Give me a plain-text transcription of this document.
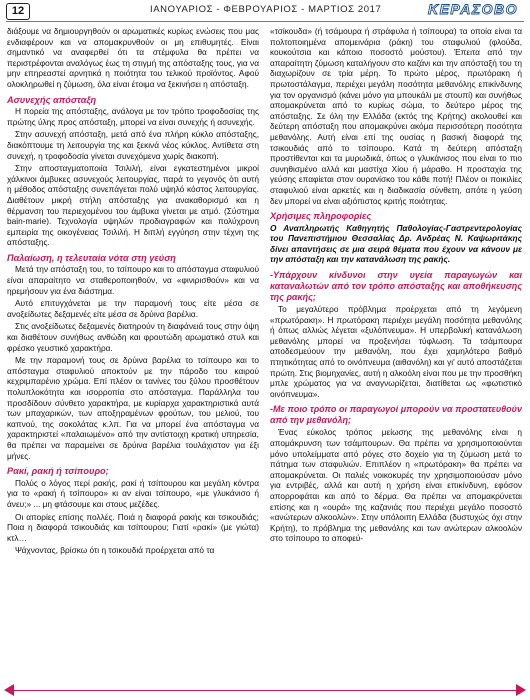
12	ΙΑΝΟΥΑΡΙΟΣ - ΦΕΒΡΟΥΑΡΙΟΣ - ΜΑΡΤΙΟΣ 2017	ΚΕΡΑΣΟΒΟ

διάξουμε να δημιουργηθούν οι αρωματικές κυρίως ενώσεις που μας ενδιαφέρουν και να απομακρυνθούν οι μη επιθυμητές. Είναι σημαντικό να αναφερθεί ότι τα στέμφυλα θα πρέπει να περιστρέφονται αναλόγως έως τη στιγμή της απόσταξης τους, για να μην επηρεαστεί αρνητικά η ποιότητα του τελικού προϊόντος. Αφού ολοκληρωθεί η ζύμωση, όλα είναι έτοιμα να ξεκινήσει η απόσταξη.

Ασυνεχής απόσταξη

Η πορεία της απόσταξης, ανάλογα με τον τρόπο τροφοδοσίας της πρώτης ύλης προς απόσταξη, μπορεί να είναι συνεχής ή ασυνεχής.

Στην ασυνεχή απόσταξη, μετά από ένα πλήρη κύκλο απόσταξης, διακόπτουμε τη λειτουργία της και ξεκινά νέος κύκλος. Αντίθετα στη συνεχή, η τροφοδοσία γίνεται συνεχόμενα χωρίς διακοπή.

Στην αποσταγματοποιία Τσιλιλή, είναι εγκατεστημένοι μικροί χάλκινοι άμβυκες ασυνεχούς λειτουργίας, παρά το γεγονός ότι αυτή η μέθοδος απόσταξης συνεπάγεται πολύ υψηλό κόστος λειτουργίας. Διαθέτουν μικρή στήλη απόσταξης για ανακαθορισμό και η θέρμανση του περιεχομένου του άμβυκα γίνεται με ατμό. (Σύστημα bain-marie). Τεχνολογία υψηλών προδιαγραφών και πολύχρονη εμπειρία της οικογένειας Τσιλιλή. Η διπλή εγγύηση στην τέχνη της απόσταξης.

Παλαίωση, η τελευταία νότα στη γεύση

Μετά την απόσταξη του, το τσίπουρο και το απόσταγμα σταφυλιού είναι απαραίτητο να σταθεροποιηθούν, να «φινιρισθούν» και να ηρεμήσουν για ένα διάστημα.

Αυτό επιτυγχάνεται με την παραμονή τους είτε μέσα σε ανοξείδωτες δεξαμενές είτε μέσα σε δρύινα βαρέλια.

Στις ανοξείδωτες δεξαμενές διατηρούν τη διαφάνειά τους στην όψη και διαθέτουν συνήθως ανθώδη και φρουτώδη αρωματικό στυλ και φρέσκο γευστικό χαρακτήρα.

Με την παραμονή τους σε δρύινα βαρέλια το τσίπουρο και το απόσταγμα σταφυλιού αποκτούν με την πάροδο του καιρού κεχριμπαρένιο χρώμα. Επί πλέον οι τανίνες του ξύλου προσθέτουν πολυπλοκότητα και ισορροπία στο απόσταγμα. Παράλληλα του προσδίδουν σύνθετο χαρακτήρα, με κυρίαρχα χαρακτηριστικά αυτά των μπαχαρικών, των αποξηραμένων φρούτων, του μελιού, του καπνού, της σοκολάτας κ.λπ. Για να μπορεί ένα απόσταγμα να χαρακτηριστεί «παλαιωμένο» από την αντίστοιχη κρατική υπηρεσία, θα πρέπει να παραμείνει σε δρύινα βαρέλια τουλάχιστον για έξι μήνες.

Ρακί, ρακή ή τσίπουρο;

Πολύς ο λόγος περί ρακής, ρακί ή τσίπουρου και μεγάλη κόντρα για το «ρακή ή τσίπουρο» κι αν είναι τσίπουρο, «με γλυκάνισο ή άνευ;» ... μη φτάσουμε και στους μεζέδες.

Οι απορίες επίσης πολλές. Ποιά η διαφορά ρακής και τσικουδιάς; Ποια η διαφορά τσικουδιάς και τσίπουρου; Γιατί «ρακί» (με γιώτα) κτλ…

Ψάχνοντας, βρίσκω ότι η τσικουδιά προέρχεται από τα

«τσίκουδα» (ή τσάμουρα ή στράφυλα ή τσίπουρα) τα οποία είναι τα πολτοποιημένα απομεινάρια (ράκη) του σταφυλιού (φλούδα, κουκούτσια και κάποιο ποσοστό μούστου). Έπειτα από την απαραίτητη ζύμωση καταλήγουν στο καζάνι και την απόσταξή του τη διαχωρίζουν σε τρία μέρη. Το πρώτο μέρος, πρωτόρακη ή πρωτοστάλαγμα, περιέχει μεγάλη ποσότητα μεθανόλης επικίνδυνης για τον οργανισμό (κάνει μόνο για μπουκάλι με στουπί) και συνήθως απομακρύνεται από το κυρίως σώμα, το δεύτερο μέρος της απόσταξης. Σε όλη την Ελλάδα (εκτός της Κρήτης) ακολουθεί και δεύτερη απόσταξη που απομακρύνει ακόμα περισσότερη ποσότητα μεθανόλης. Αυτή είναι επί της ουσίας η βασική διαφορά της τσικουδιάς από το τσίπουρο. Κατά τη δεύτερη απόσταξη προστίθενται και τα μυρωδικά, όπως ο γλυκάνισος που είναι το πιο συνηθισμένο αλλά και μαστίχα Χίου ή μάραθο. Η προσταχία της γεύσης επαφίεται στον ουρανίσκο του κάθε ποτή! Πλέον οι ποικιλίες σταφυλιού είναι αρκετές και η διαδικασία σύνθετη, απότε η γεύση δεν μπορεί να είναι αξιόπιστος κριτής ποιότητας.

Χρήσιμες πληροφορίες

Ο Αναπληρωτής Καθηγητής Παθολογίας-Γαστρεντερολογίας του Πανεπιστήμιου Θεσσαλίας Δρ. Ανδρέας Ν. Καψωριτάκης δίνει απαντήσεις σε μια σειρά θέματα που έχουν να κάνουν με την απόσταξη και την κατανάλωση της ρακής.

-Υπάρχουν κίνδυνοι στην υγεία παραγωγών και καταναλωτών από τον τρόπο απόσταξης και αποθήκευσης της ρακής;

Το μεγαλύτερο πρόβλημα προέρχεται από τη λεγόμενη «πρωτόρακη». Η πρωτόρακη περιέχει μεγάλη ποσότητα μεθανόλης ή όπως αλλιώς λέγεται «ξυλόπνευμα». Η υπερβολική κατανάλωση μεθανόλης μπορεί να προξενήσει τύφλωση. Τα τσάμπουρα αποδεσμεύουν την μεθανόλη, που έχει χαμηλότερο βαθμό πτητικότητας από το οινόπνευμα (αιθανόλη) και γι' αυτό αποστάζεται πρώτη. Στις βιομηχανίες, αυτή η αλκοόλη είναι που με την προσθήκη μπλε χρώματος για να αναγνωρίζεται, διατίθεται ως «φωτιστικό οινόπνευμα».

-Με ποιο τρόπο οι παραγωγοί μπορούν να προστατευθούν από την μεθανόλη;

Ένας εύκολος τρόπος μείωσης της μεθανόλης είναι η απομάκρυνση των τσάμπουρων. Θα πρέπει να χρησιμοποιούνται μόνο υπολείμματα από ρόγες στο δοχείο για τη ζύμωση μετά το πάτημα των σταφυλιών. Επιπλέον η «πρωτόρακη» θα πρέπει να απομακρύνεται. Οι παλιές νοικοκυρές την χρησιμοποιούσαν μόνο για εντριβές, αλλά και αυτή η χρήση είναι επικίνδυνη, εφόσον απορροφάται και από το δέρμα. Θα πρέπει να απομακρύνεται επίσης και η «ουρά» της καζανιάς που περιέχει μεγάλο ποσοστό «ανώτερων αλκοολών». Στην υπόλοιπη Ελλάδα (δυστυχώς όχι στην Κρήτη), το πρόβλημα της μεθανόλης και των ανώτερων αλκοολών στο τσίπουρο το αποφεύ-
